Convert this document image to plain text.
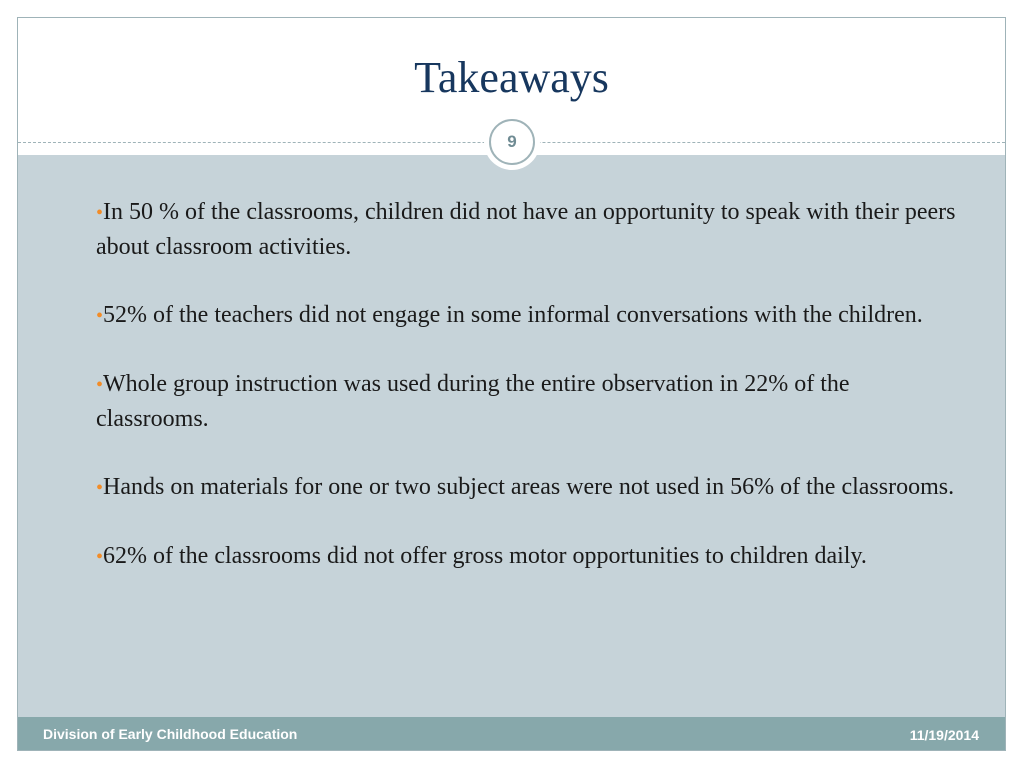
Takeaways
9
•In 50 % of the classrooms, children did not have an opportunity to speak with their peers about classroom activities.
•52% of the teachers did not engage in some informal conversations with the children.
•Whole group instruction was used during the entire observation in 22% of the classrooms.
•Hands on materials for one or two subject areas were not used in 56% of the classrooms.
•62% of the classrooms did not offer gross motor opportunities to children daily.
Division of Early Childhood Education	11/19/2014
